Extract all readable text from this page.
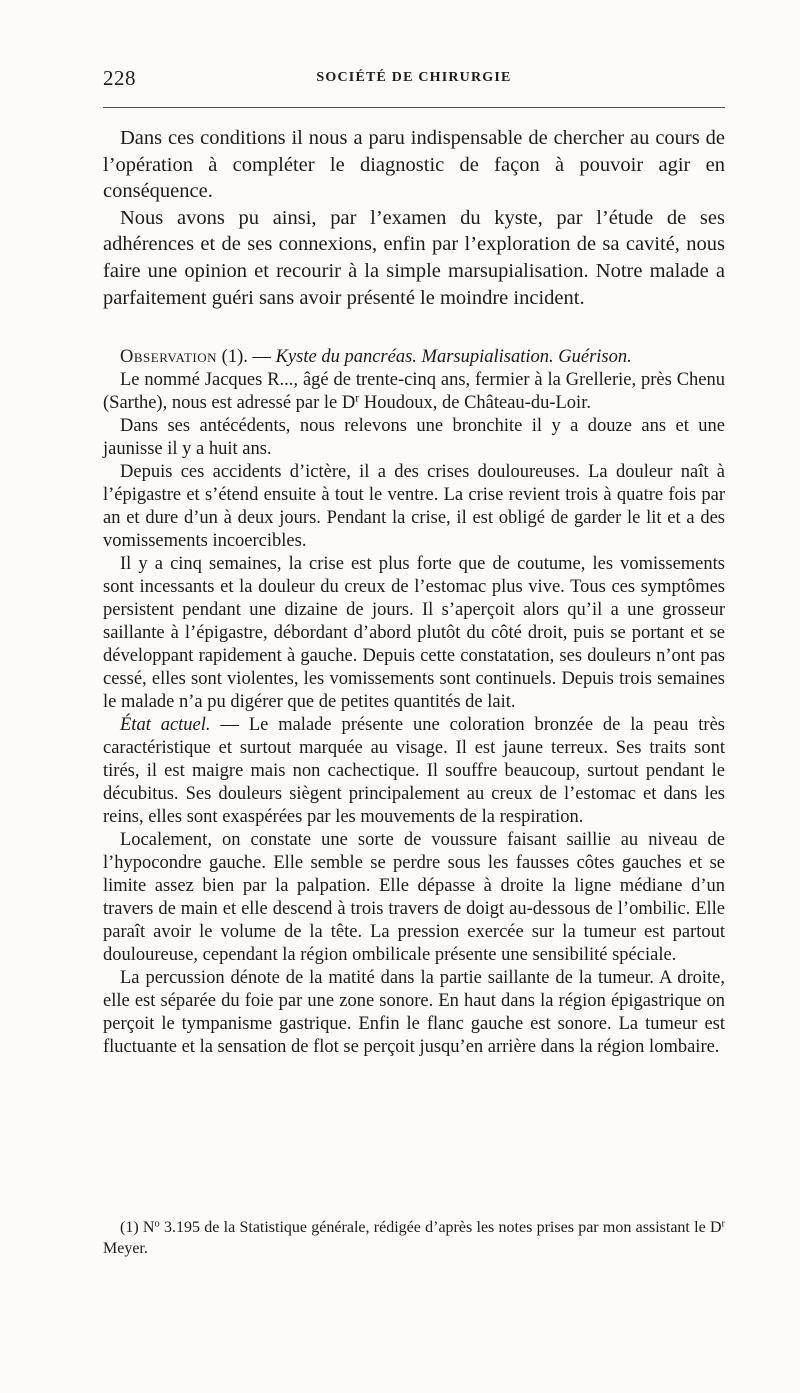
228	SOCIÉTÉ DE CHIRURGIE

Dans ces conditions il nous a paru indispensable de chercher au cours de l’opération à compléter le diagnostic de façon à pouvoir agir en conséquence.

Nous avons pu ainsi, par l’examen du kyste, par l’étude de ses adhérences et de ses connexions, enfin par l’exploration de sa cavité, nous faire une opinion et recourir à la simple marsupialisation. Notre malade a parfaitement guéri sans avoir présenté le moindre incident.

Observation (1). — Kyste du pancréas. Marsupialisation. Guérison.

Le nommé Jacques R..., âgé de trente-cinq ans, fermier à la Grellerie, près Chenu (Sarthe), nous est adressé par le $D^r$ Houdoux, de Château-du-Loir.

Dans ses antécédents, nous relevons une bronchite il y a douze ans et une jaunisse il y a huit ans.

Depuis ces accidents d’ictère, il a des crises douloureuses. La douleur naît à l’épigastre et s’étend ensuite à tout le ventre. La crise revient trois à quatre fois par an et dure d’un à deux jours. Pendant la crise, il est obligé de garder le lit et a des vomissements incoercibles.

Il y a cinq semaines, la crise est plus forte que de coutume, les vomissements sont incessants et la douleur du creux de l’estomac plus vive. Tous ces symptômes persistent pendant une dizaine de jours. Il s’aperçoit alors qu’il a une grosseur saillante à l’épigastre, débordant d’abord plutôt du côté droit, puis se portant et se développant rapidement à gauche. Depuis cette constatation, ses douleurs n’ont pas cessé, elles sont violentes, les vomissements sont continuels. Depuis trois semaines le malade n’a pu digérer que de petites quantités de lait.

État actuel. — Le malade présente une coloration bronzée de la peau très caractéristique et surtout marquée au visage. Il est jaune terreux. Ses traits sont tirés, il est maigre mais non cachectique. Il souffre beaucoup, surtout pendant le décubitus. Ses douleurs siègent principalement au creux de l’estomac et dans les reins, elles sont exaspérées par les mouvements de la respiration.

Localement, on constate une sorte de voussure faisant saillie au niveau de l’hypocondre gauche. Elle semble se perdre sous les fausses côtes gauches et se limite assez bien par la palpation. Elle dépasse à droite la ligne médiane d’un travers de main et elle descend à trois travers de doigt au-dessous de l’ombilic. Elle paraît avoir le volume de la tête. La pression exercée sur la tumeur est partout douloureuse, cependant la région ombilicale présente une sensibilité spéciale.

La percussion dénote de la matité dans la partie saillante de la tumeur. A droite, elle est séparée du foie par une zone sonore. En haut dans la région épigastrique on perçoit le tympanisme gastrique. Enfin le flanc gauche est sonore. La tumeur est fluctuante et la sensation de flot se perçoit jusqu’en arrière dans la région lombaire.

(1) $N^o$ 3.195 de la Statistique générale, rédigée d’après les notes prises par mon assistant le $D^r$ Meyer.
